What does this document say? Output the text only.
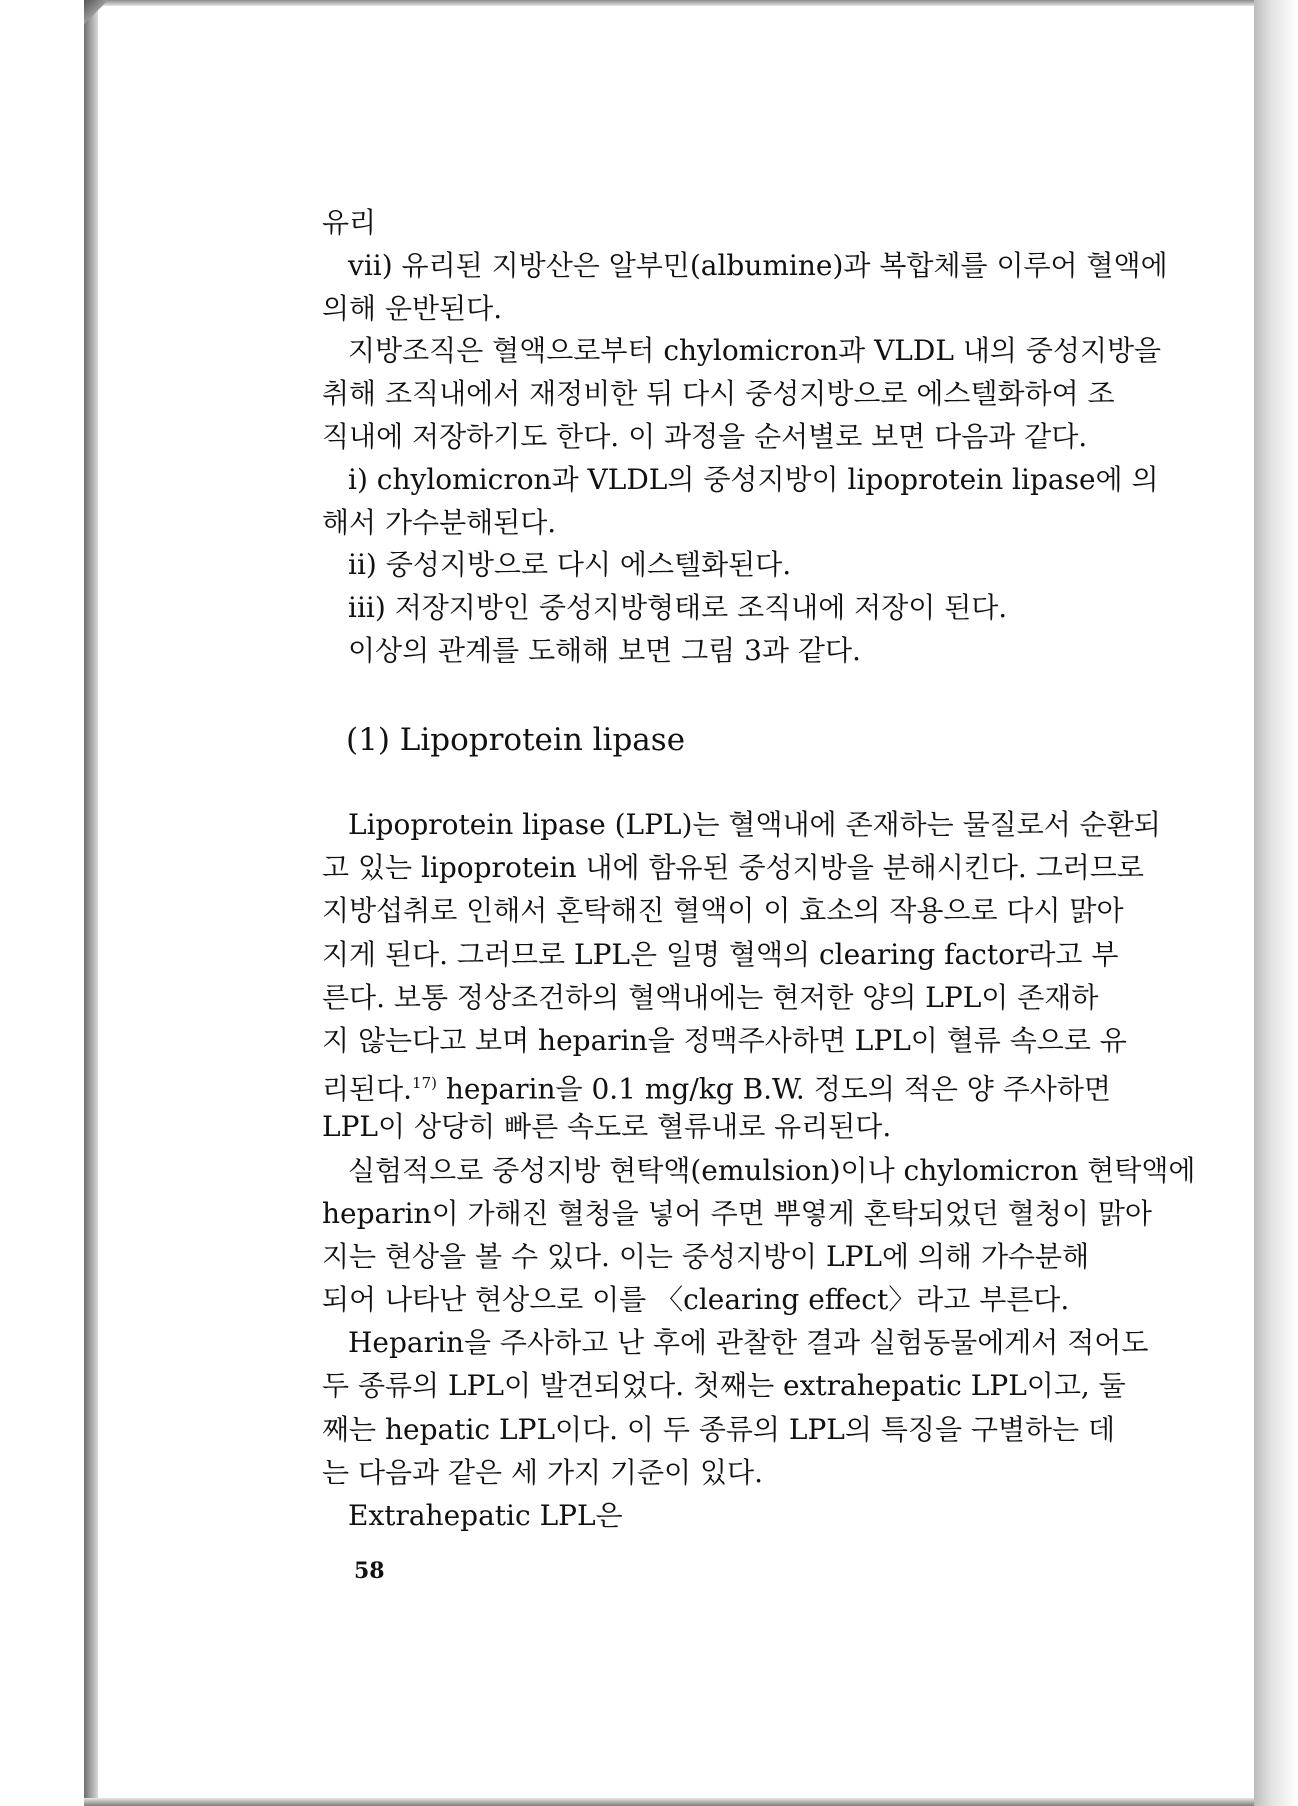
유리
vii) 유리된 지방산은 알부민(albumine)과 복합체를 이루어 혈액에
의해 운반된다.
지방조직은 혈액으로부터 chylomicron과 VLDL 내의 중성지방을
취해 조직내에서 재정비한 뒤 다시 중성지방으로 에스텔화하여 조
직내에 저장하기도 한다. 이 과정을 순서별로 보면 다음과 같다.
i) chylomicron과 VLDL의 중성지방이 lipoprotein lipase에 의
해서 가수분해된다.
ii) 중성지방으로 다시 에스텔화된다.
iii) 저장지방인 중성지방형태로 조직내에 저장이 된다.
이상의 관계를 도해해 보면 그림 3과 같다.
(1) Lipoprotein lipase
Lipoprotein lipase (LPL)는 혈액내에 존재하는 물질로서 순환되
고 있는 lipoprotein 내에 함유된 중성지방을 분해시킨다. 그러므로
지방섭취로 인해서 혼탁해진 혈액이 이 효소의 작용으로 다시 맑아
지게 된다. 그러므로 LPL은 일명 혈액의 clearing factor라고 부
른다. 보통 정상조건하의 혈액내에는 현저한 양의 LPL이 존재하
지 않는다고 보며 heparin을 정맥주사하면 LPL이 혈류 속으로 유
리된다.$^{17)}$ heparin을 0.1 mg/kg B.W. 정도의 적은 양 주사하면
LPL이 상당히 빠른 속도로 혈류내로 유리된다.
실험적으로 중성지방 현탁액(emulsion)이나 chylomicron 현탁액에
heparin이 가해진 혈청을 넣어 주면 뿌옇게 혼탁되었던 혈청이 맑아
지는 현상을 볼 수 있다. 이는 중성지방이 LPL에 의해 가수분해
되어 나타난 현상으로 이를 〈clearing effect〉라고 부른다.
Heparin을 주사하고 난 후에 관찰한 결과 실험동물에게서 적어도
두 종류의 LPL이 발견되었다. 첫째는 extrahepatic LPL이고, 둘
째는 hepatic LPL이다. 이 두 종류의 LPL의 특징을 구별하는 데
는 다음과 같은 세 가지 기준이 있다.
Extrahepatic LPL은
58
